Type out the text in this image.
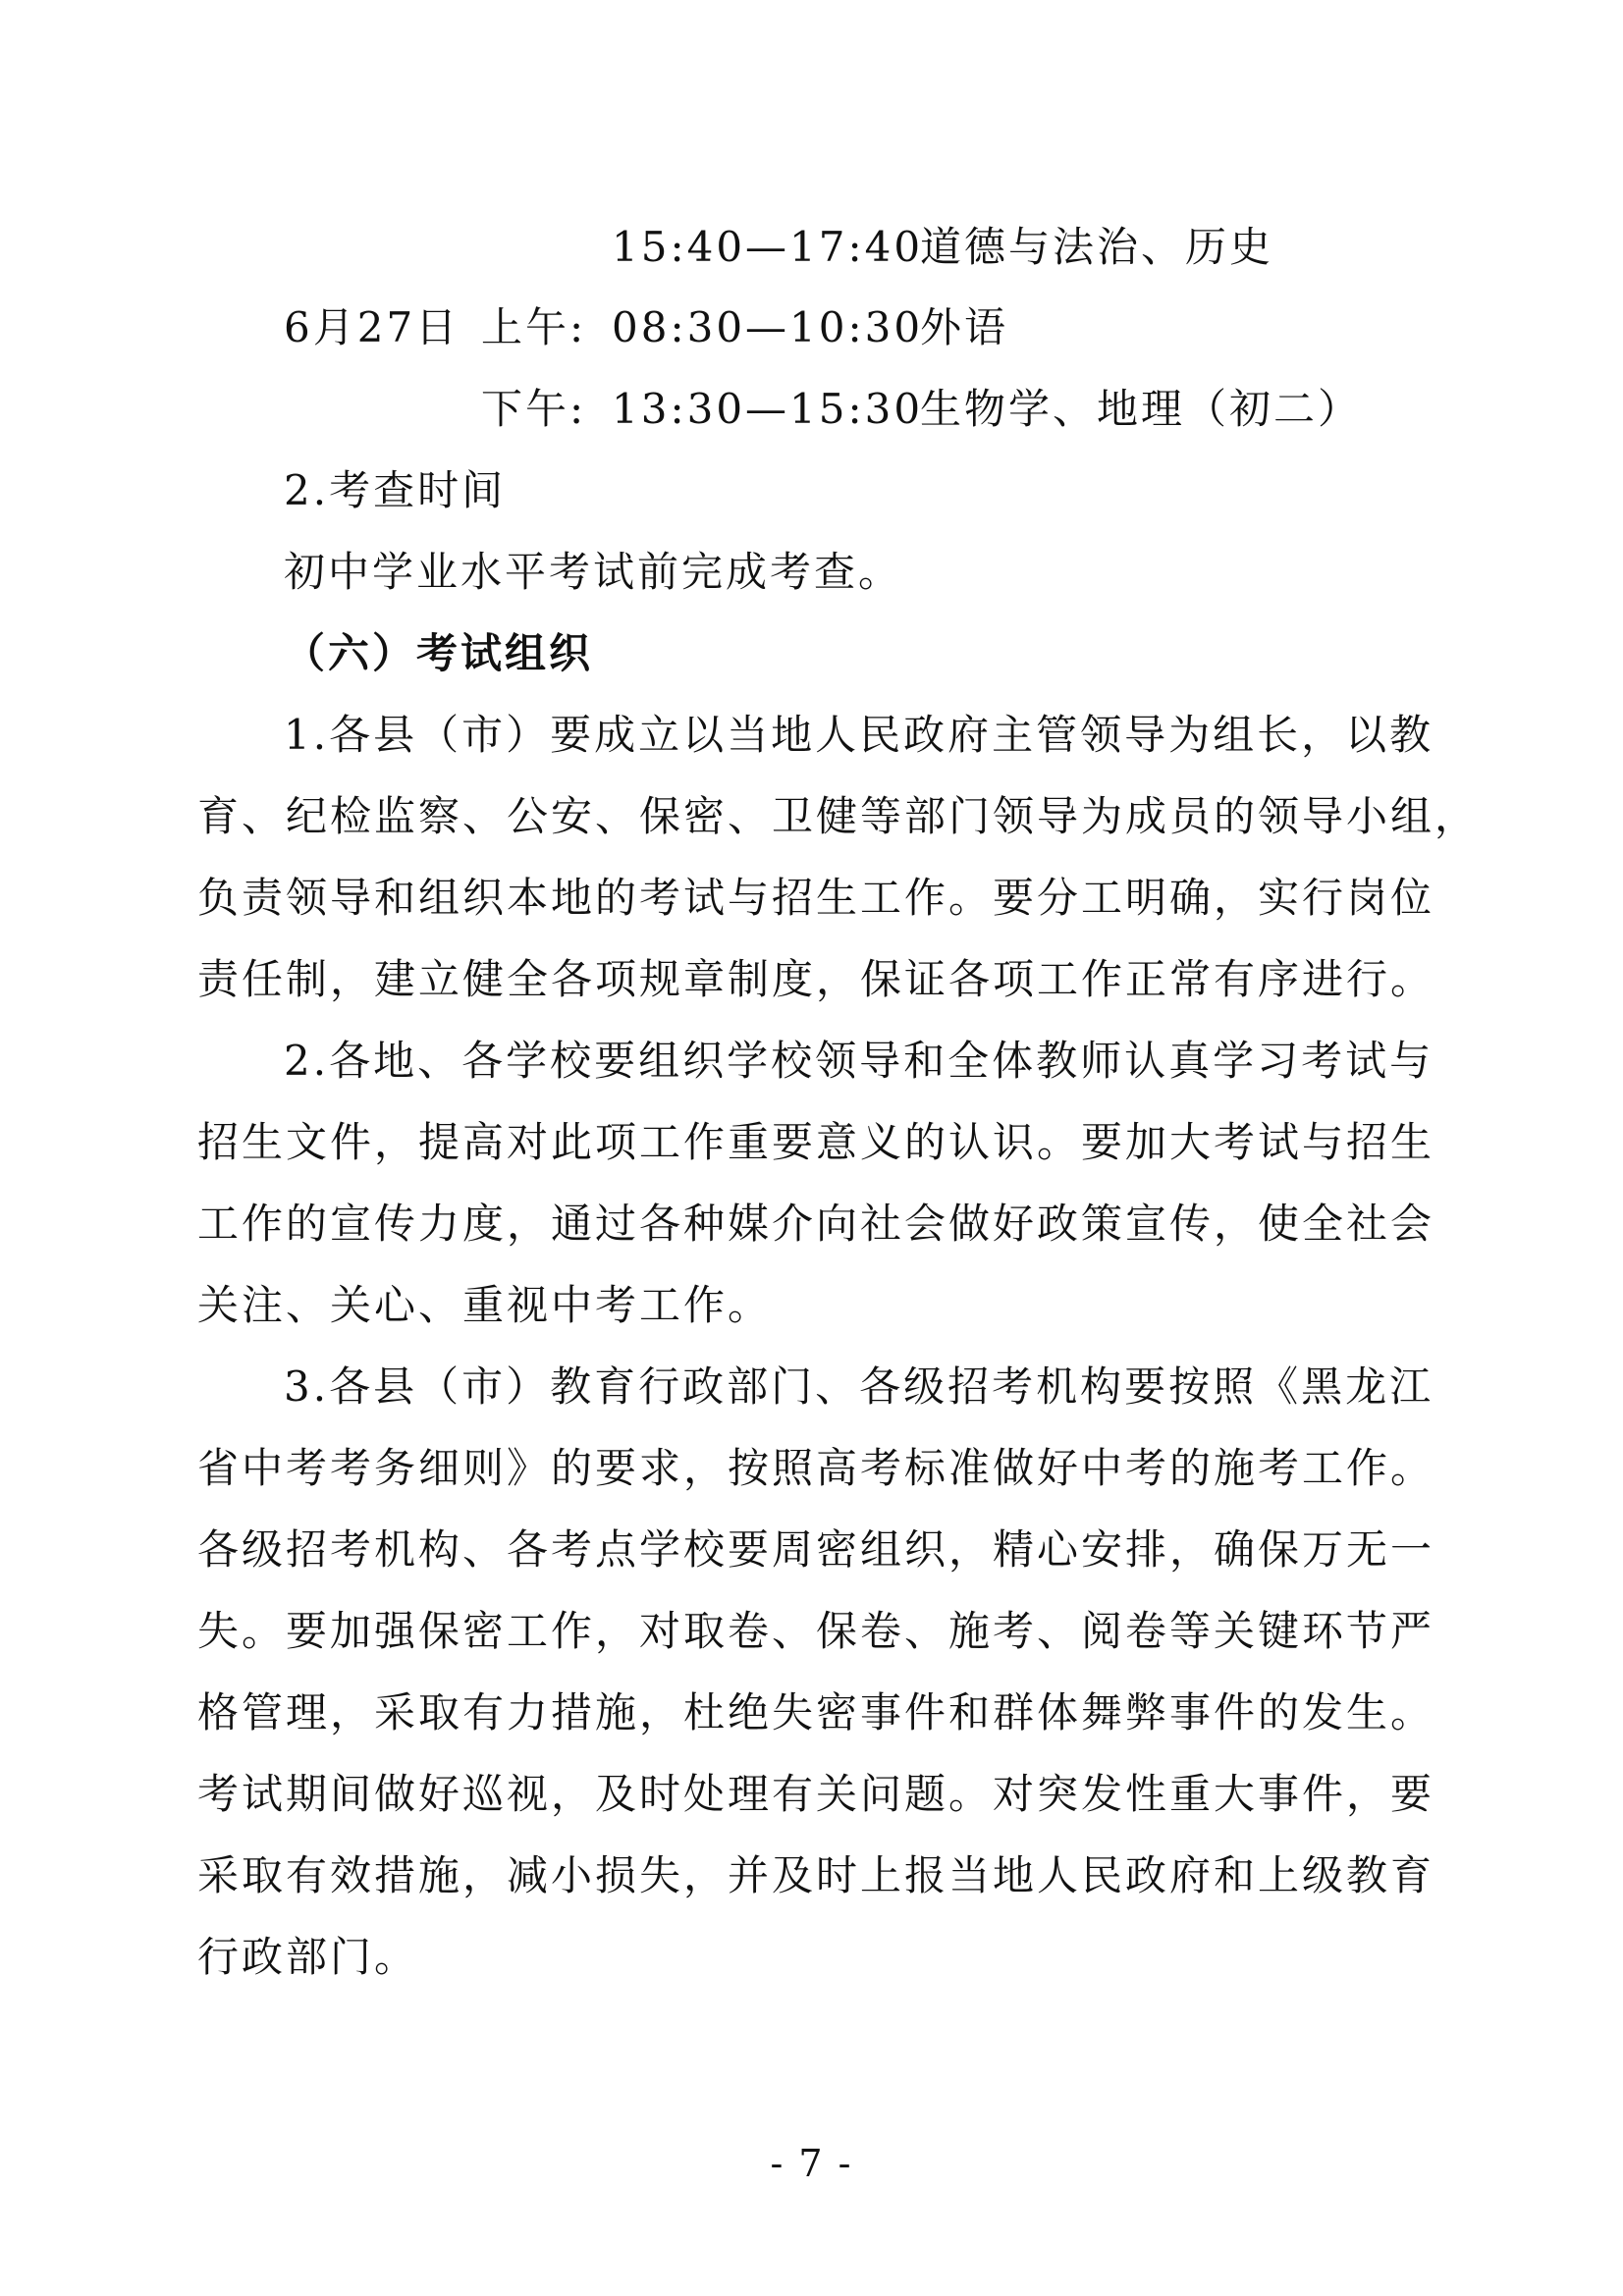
15:40—17:40
道德与法治、历史
6月27日 上午: 08:30—10:30
外语
下午: 13:30—15:30
生物学、地理（初二）
2.考查时间
初中学业水平考试前完成考查。
（六）考试组织
1.各县（市）要成立以当地人民政府主管领导为组长，以教
育、纪检监察、公安、保密、卫健等部门领导为成员的领导小组，
负责领导和组织本地的考试与招生工作。要分工明确，实行岗位
责任制，建立健全各项规章制度，保证各项工作正常有序进行。
2.各地、各学校要组织学校领导和全体教师认真学习考试与
招生文件，提高对此项工作重要意义的认识。要加大考试与招生
工作的宣传力度，通过各种媒介向社会做好政策宣传，使全社会
关注、关心、重视中考工作。
3.各县（市）教育行政部门、各级招考机构要按照《黑龙江
省中考考务细则》的要求，按照高考标准做好中考的施考工作。
各级招考机构、各考点学校要周密组织，精心安排，确保万无一
失。要加强保密工作，对取卷、保卷、施考、阅卷等关键环节严
格管理，采取有力措施，杜绝失密事件和群体舞弊事件的发生。
考试期间做好巡视，及时处理有关问题。对突发性重大事件，要
采取有效措施，减小损失，并及时上报当地人民政府和上级教育
行政部门。
- 7 -
